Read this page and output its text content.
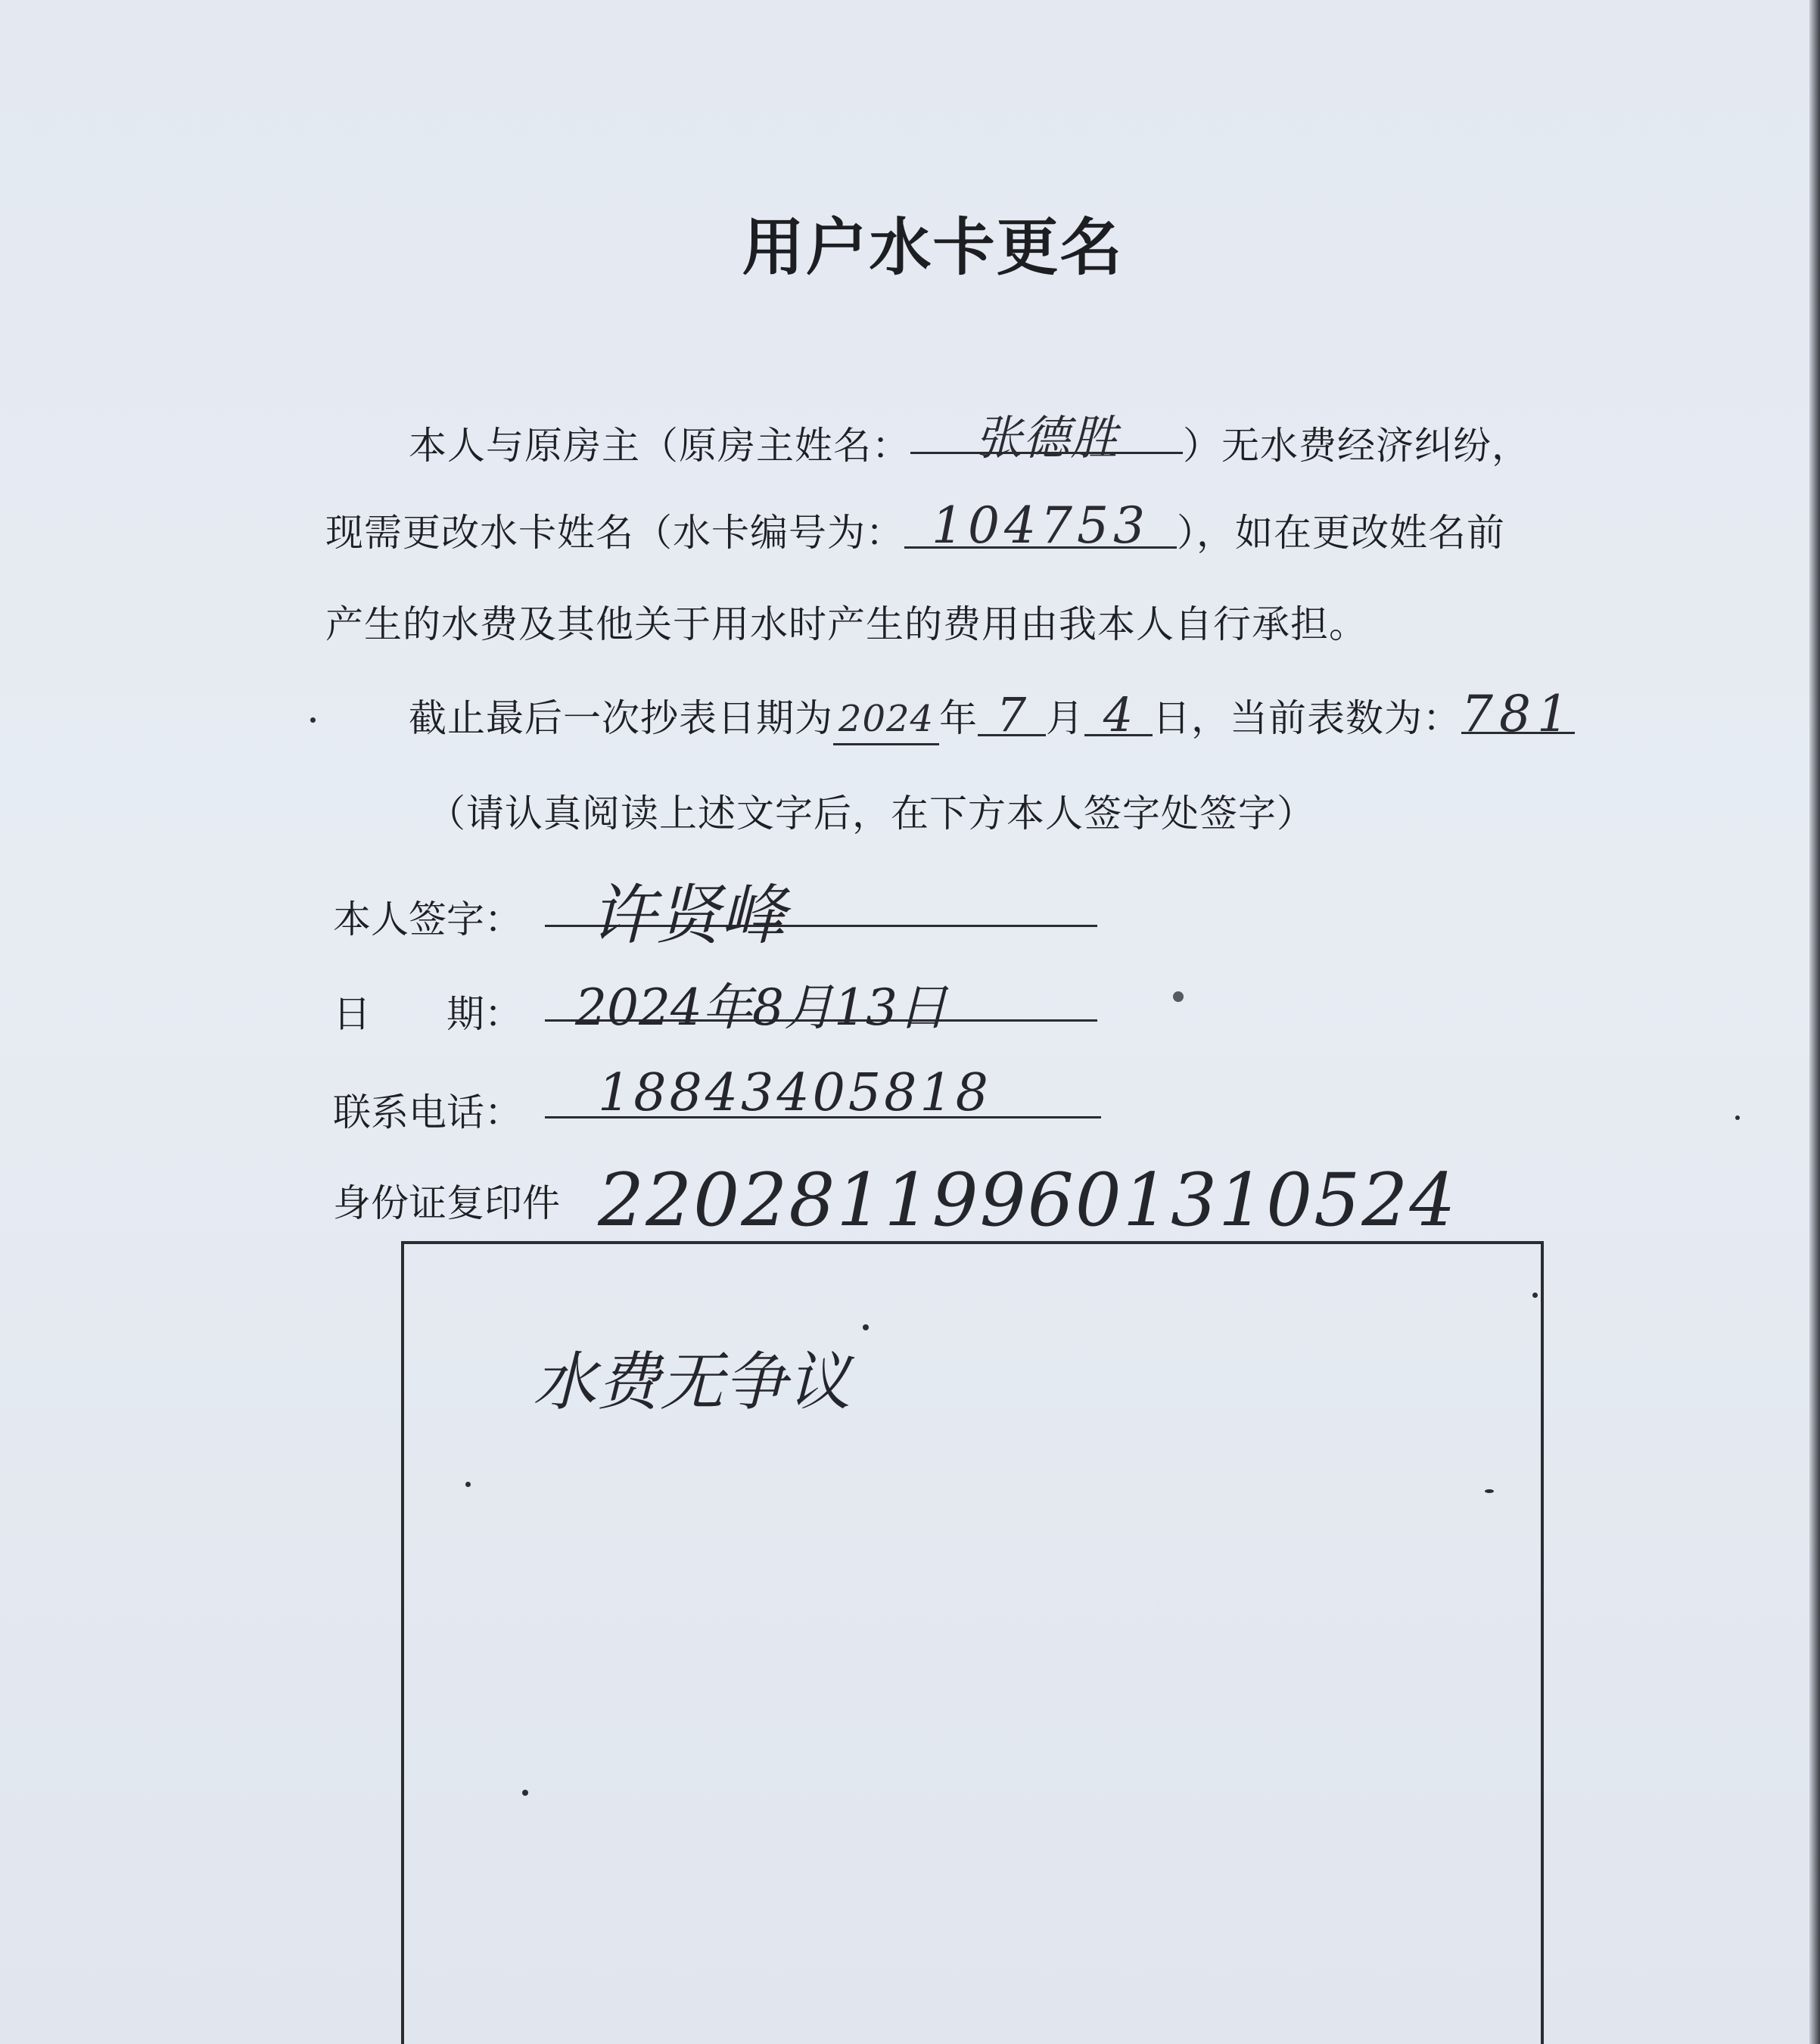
用户水卡更名
本人与原房主（原房主姓名： 张德胜 ）无水费经济纠纷，
现需更改水卡姓名（水卡编号为： 104753 ），如在更改姓名前
产生的水费及其他关于用水时产生的费用由我本人自行承担。
截止最后一次抄表日期为 2024 年 7 月 4 日，当前表数为：781
（请认真阅读上述文字后，在下方本人签字处签字）
本人签字： 许贤峰
日　　期： 2024年8月13日
联系电话： 18843405818
身份证复印件 220281199601310524
水费无争议
